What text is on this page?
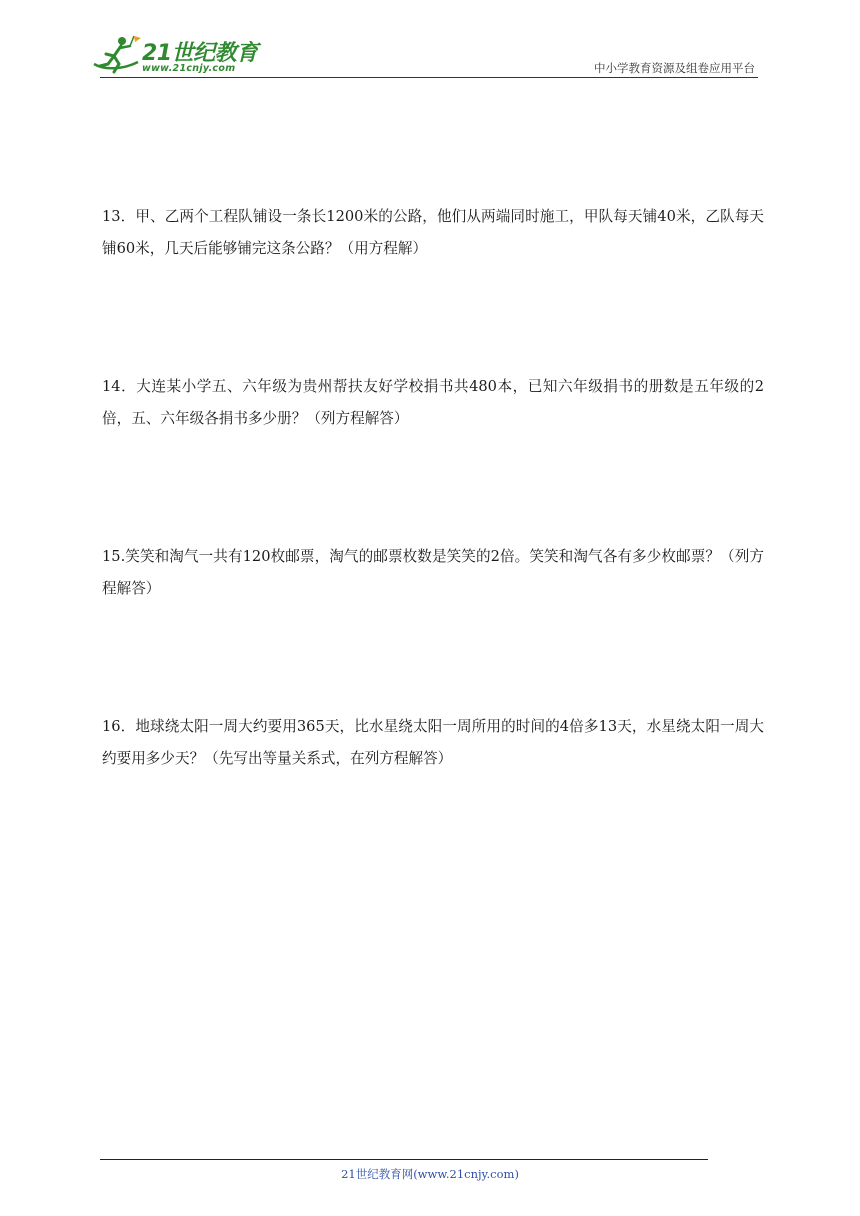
21世纪教育
www.21cnjy.com	中小学教育资源及组卷应用平台
13．甲、乙两个工程队铺设一条长1200米的公路，他们从两端同时施工，甲队每天铺40米，乙队每天铺60米，几天后能够铺完这条公路？（用方程解）
14．大连某小学五、六年级为贵州帮扶友好学校捐书共480本，已知六年级捐书的册数是五年级的2倍，五、六年级各捐书多少册？（列方程解答）
15.笑笑和淘气一共有120枚邮票，淘气的邮票枚数是笑笑的2倍。笑笑和淘气各有多少枚邮票？（列方程解答）
16．地球绕太阳一周大约要用365天，比水星绕太阳一周所用的时间的4倍多13天，水星绕太阳一周大约要用多少天？（先写出等量关系式，在列方程解答）
21世纪教育网(www.21cnjy.com)
